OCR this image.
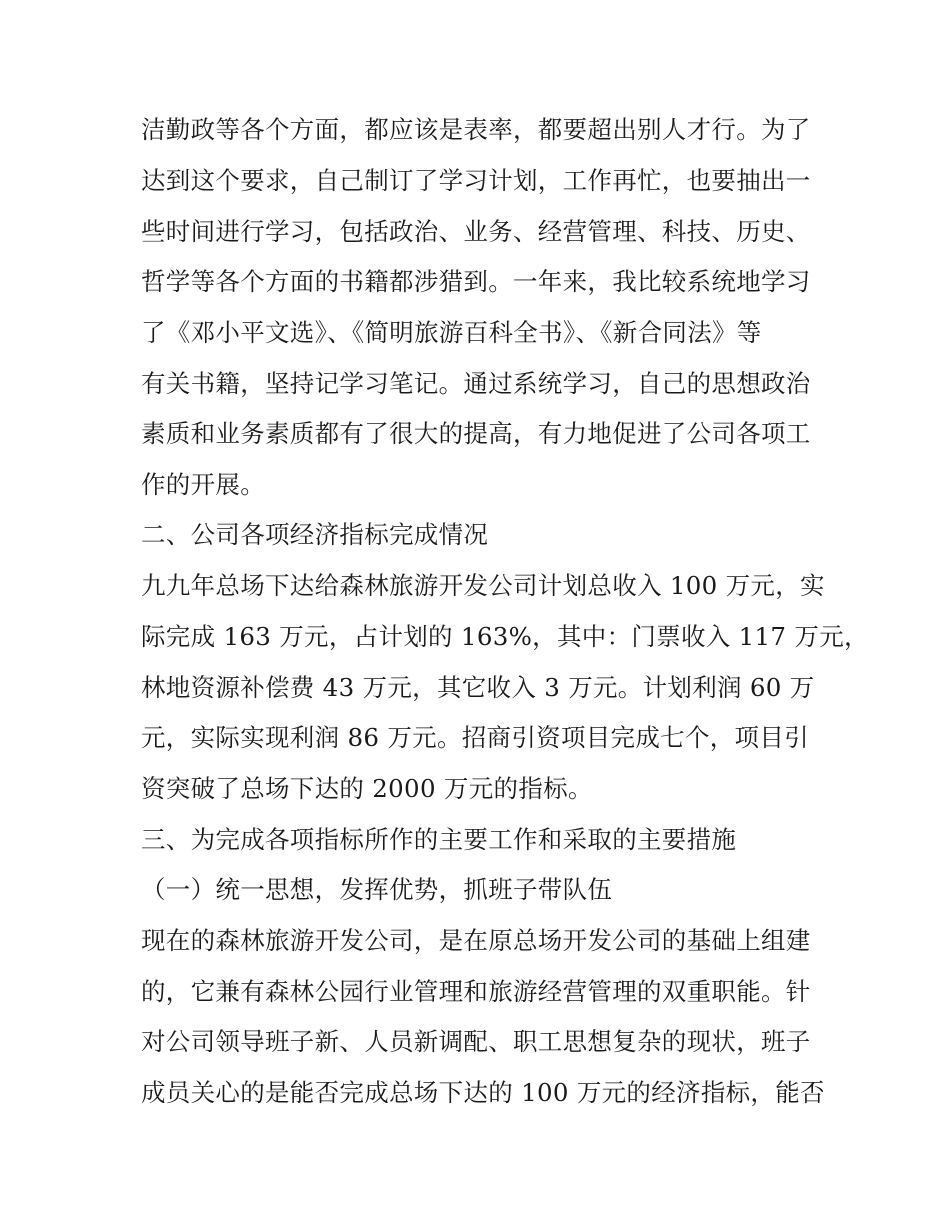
洁勤政等各个方面，都应该是表率，都要超出别人才行。为了
达到这个要求，自己制订了学习计划，工作再忙，也要抽出一
些时间进行学习，包括政治、业务、经营管理、科技、历史、
哲学等各个方面的书籍都涉猎到。一年来，我比较系统地学习
了《邓小平文选》、《简明旅游百科全书》、《新合同法》等
有关书籍，坚持记学习笔记。通过系统学习，自己的思想政治
素质和业务素质都有了很大的提高，有力地促进了公司各项工
作的开展。
二、公司各项经济指标完成情况
九九年总场下达给森林旅游开发公司计划总收入 100 万元，实
际完成 163 万元，占计划的 163%，其中：门票收入 117 万元，
林地资源补偿费 43 万元，其它收入 3 万元。计划利润 60 万
元，实际实现利润 86 万元。招商引资项目完成七个，项目引
资突破了总场下达的 2000 万元的指标。
三、为完成各项指标所作的主要工作和采取的主要措施
（一）统一思想，发挥优势，抓班子带队伍
现在的森林旅游开发公司，是在原总场开发公司的基础上组建
的，它兼有森林公园行业管理和旅游经营管理的双重职能。针
对公司领导班子新、人员新调配、职工思想复杂的现状，班子
成员关心的是能否完成总场下达的 100 万元的经济指标，能否
